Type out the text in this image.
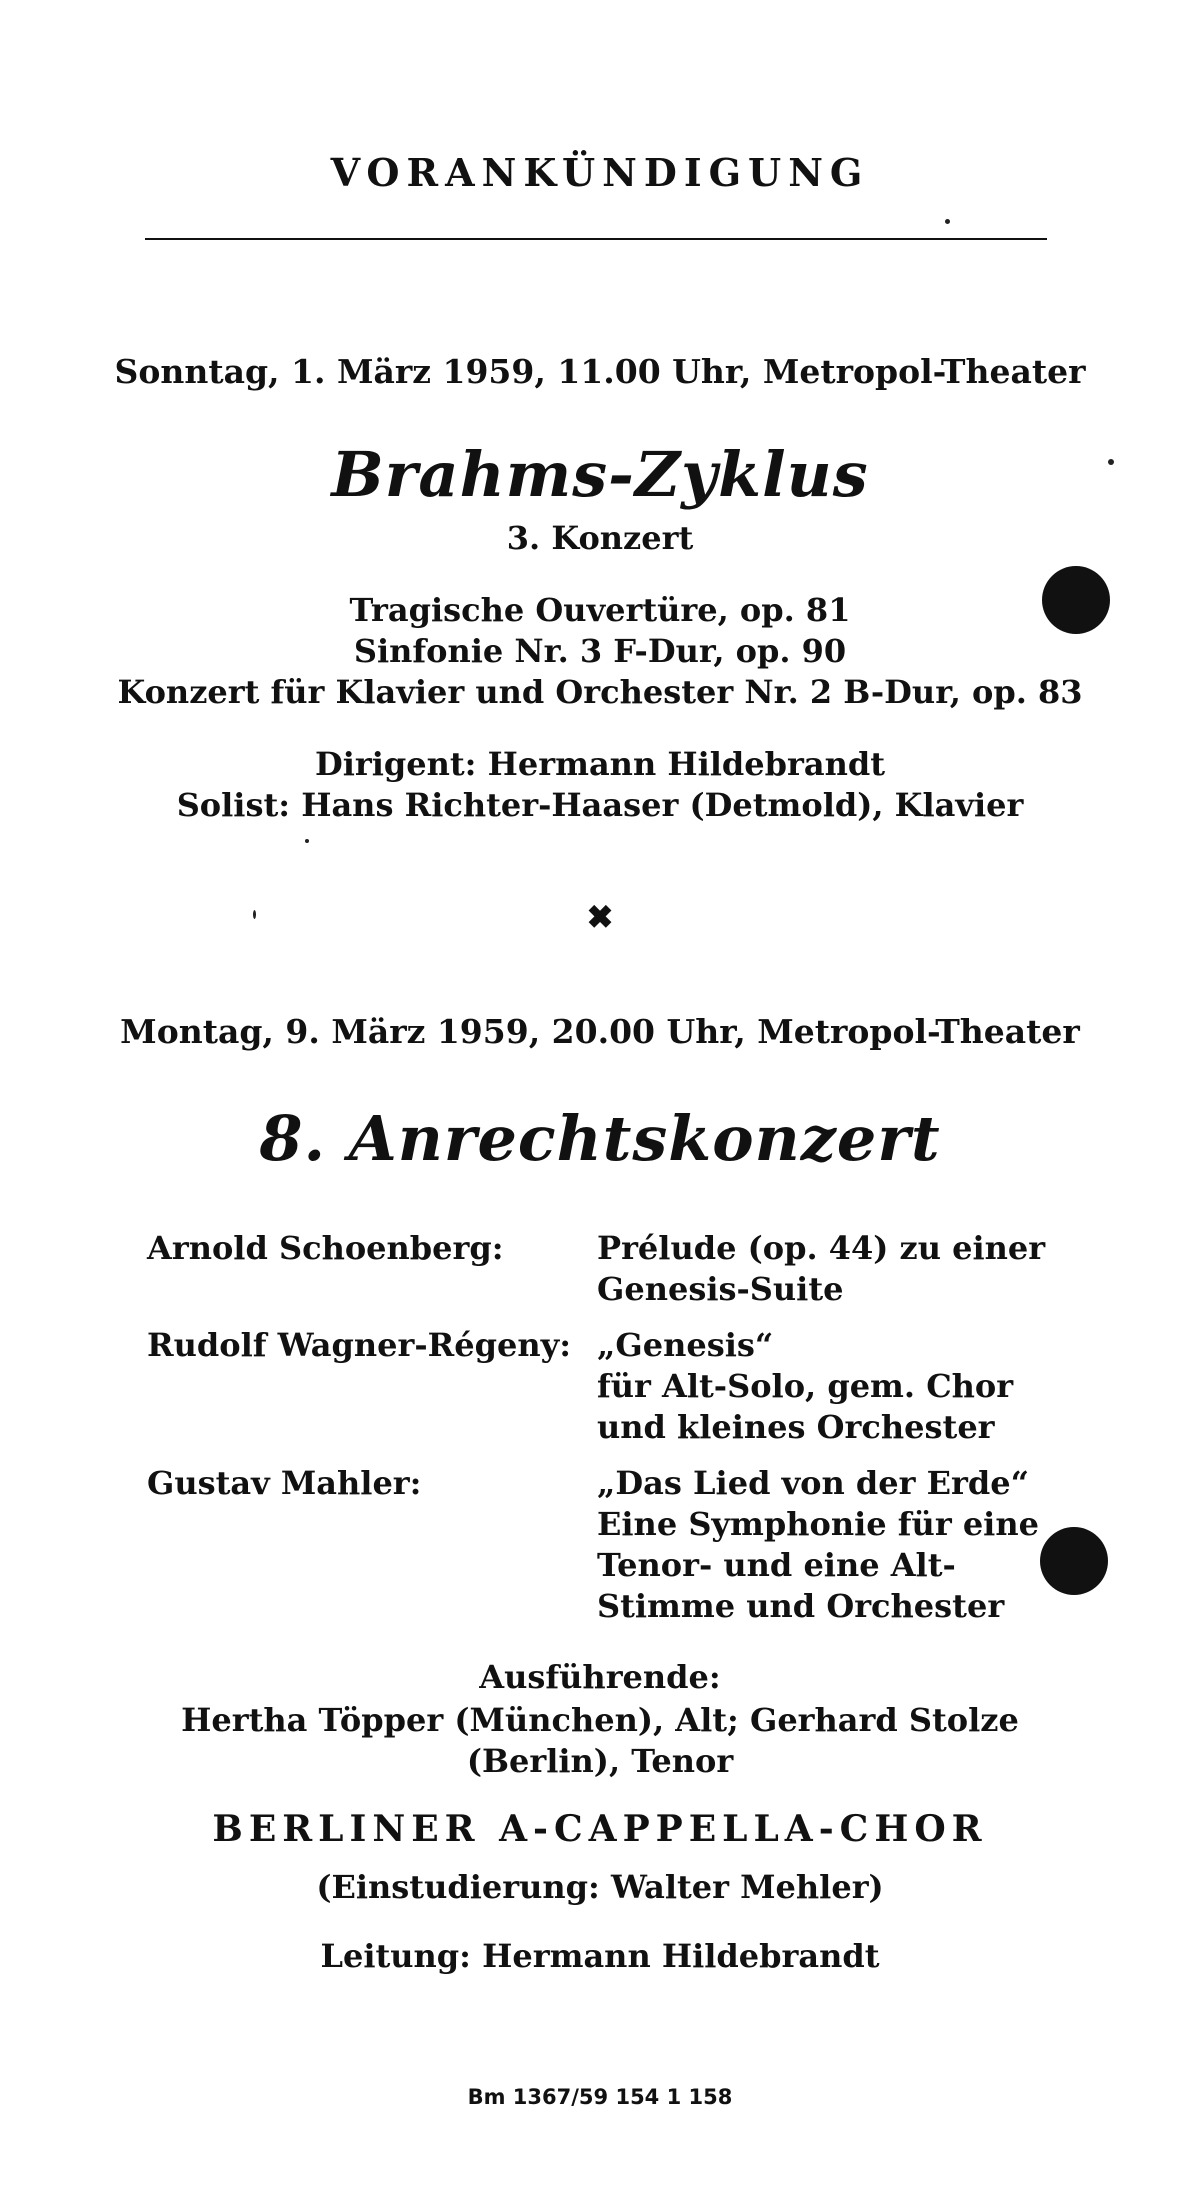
VORANKÜNDIGUNG
Sonntag, 1. März 1959, 11.00 Uhr, Metropol-Theater
Brahms-Zyklus
3. Konzert
Tragische Ouvertüre, op. 81
Sinfonie Nr. 3 F-Dur, op. 90
Konzert für Klavier und Orchester Nr. 2 B-Dur, op. 83
Dirigent: Hermann Hildebrandt
Solist: Hans Richter-Haaser (Detmold), Klavier
✖
Montag, 9. März 1959, 20.00 Uhr, Metropol-Theater
8. Anrechtskonzert
Arnold Schoenberg:	Prélude (op. 44) zu einer
Genesis-Suite
Rudolf Wagner-Régeny: „Genesis“
für Alt-Solo, gem. Chor
und kleines Orchester
Gustav Mahler:	„Das Lied von der Erde“
Eine Symphonie für eine
Tenor- und eine Alt-
Stimme und Orchester
Ausführende:
Hertha Töpper (München), Alt; Gerhard Stolze
(Berlin), Tenor
BERLINER A-CAPPELLA-CHOR
(Einstudierung: Walter Mehler)
Leitung: Hermann Hildebrandt
Bm 1367/59 154 1 158
